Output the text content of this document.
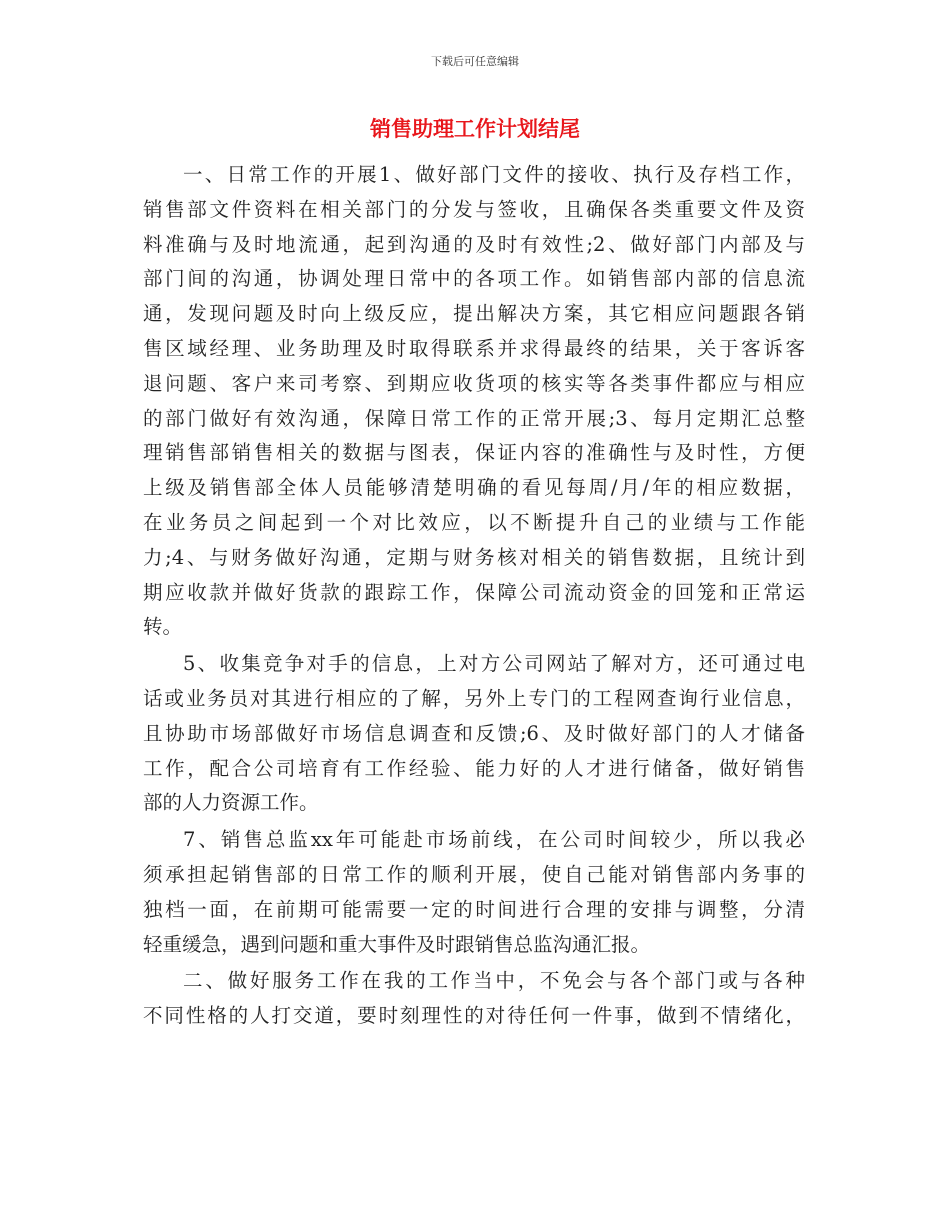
下载后可任意编辑
销售助理工作计划结尾
一、日常工作的开展1、做好部门文件的接收、执行及存档工作，
销售部文件资料在相关部门的分发与签收，且确保各类重要文件及资
料准确与及时地流通，起到沟通的及时有效性;2、做好部门内部及与
部门间的沟通，协调处理日常中的各项工作。如销售部内部的信息流
通，发现问题及时向上级反应，提出解决方案，其它相应问题跟各销
售区域经理、业务助理及时取得联系并求得最终的结果，关于客诉客
退问题、客户来司考察、到期应收货项的核实等各类事件都应与相应
的部门做好有效沟通，保障日常工作的正常开展;3、每月定期汇总整
理销售部销售相关的数据与图表，保证内容的准确性与及时性，方便
上级及销售部全体人员能够清楚明确的看见每周/月/年的相应数据，
在业务员之间起到一个对比效应，以不断提升自己的业绩与工作能
力;4、与财务做好沟通，定期与财务核对相关的销售数据，且统计到
期应收款并做好货款的跟踪工作，保障公司流动资金的回笼和正常运
转。
5、收集竞争对手的信息，上对方公司网站了解对方，还可通过电
话或业务员对其进行相应的了解，另外上专门的工程网查询行业信息，
且协助市场部做好市场信息调查和反馈;6、及时做好部门的人才储备
工作，配合公司培育有工作经验、能力好的人才进行储备，做好销售
部的人力资源工作。
7、销售总监xx年可能赴市场前线，在公司时间较少，所以我必
须承担起销售部的日常工作的顺利开展，使自己能对销售部内务事的
独档一面，在前期可能需要一定的时间进行合理的安排与调整，分清
轻重缓急，遇到问题和重大事件及时跟销售总监沟通汇报。
二、做好服务工作在我的工作当中，不免会与各个部门或与各种
不同性格的人打交道，要时刻理性的对待任何一件事，做到不情绪化，
